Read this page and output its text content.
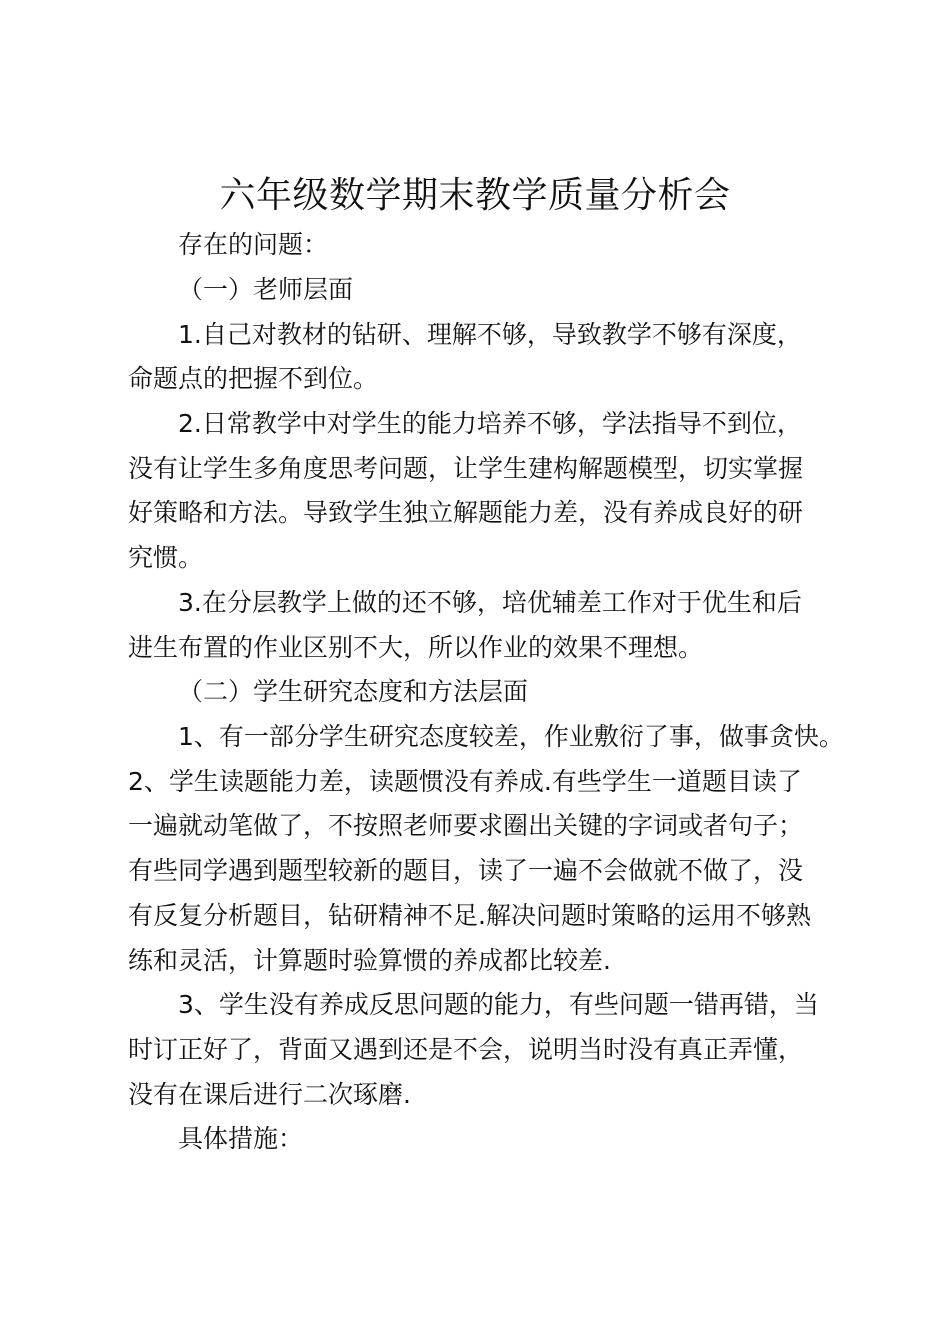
六年级数学期末教学质量分析会

存在的问题：

（一）老师层面

1.自己对教材的钻研、理解不够，导致教学不够有深度，

命题点的把握不到位。

2.日常教学中对学生的能力培养不够，学法指导不到位，

没有让学生多角度思考问题，让学生建构解题模型，切实掌握

好策略和方法。导致学生独立解题能力差，没有养成良好的研

究惯。

3.在分层教学上做的还不够，培优辅差工作对于优生和后

进生布置的作业区别不大，所以作业的效果不理想。

（二）学生研究态度和方法层面

1、有一部分学生研究态度较差，作业敷衍了事，做事贪快。

2、学生读题能力差，读题惯没有养成.有些学生一道题目读了

一遍就动笔做了，不按照老师要求圈出关键的字词或者句子；

有些同学遇到题型较新的题目，读了一遍不会做就不做了，没

有反复分析题目，钻研精神不足.解决问题时策略的运用不够熟

练和灵活，计算题时验算惯的养成都比较差.

3、学生没有养成反思问题的能力，有些问题一错再错，当

时订正好了，背面又遇到还是不会，说明当时没有真正弄懂，

没有在课后进行二次琢磨.

具体措施：
